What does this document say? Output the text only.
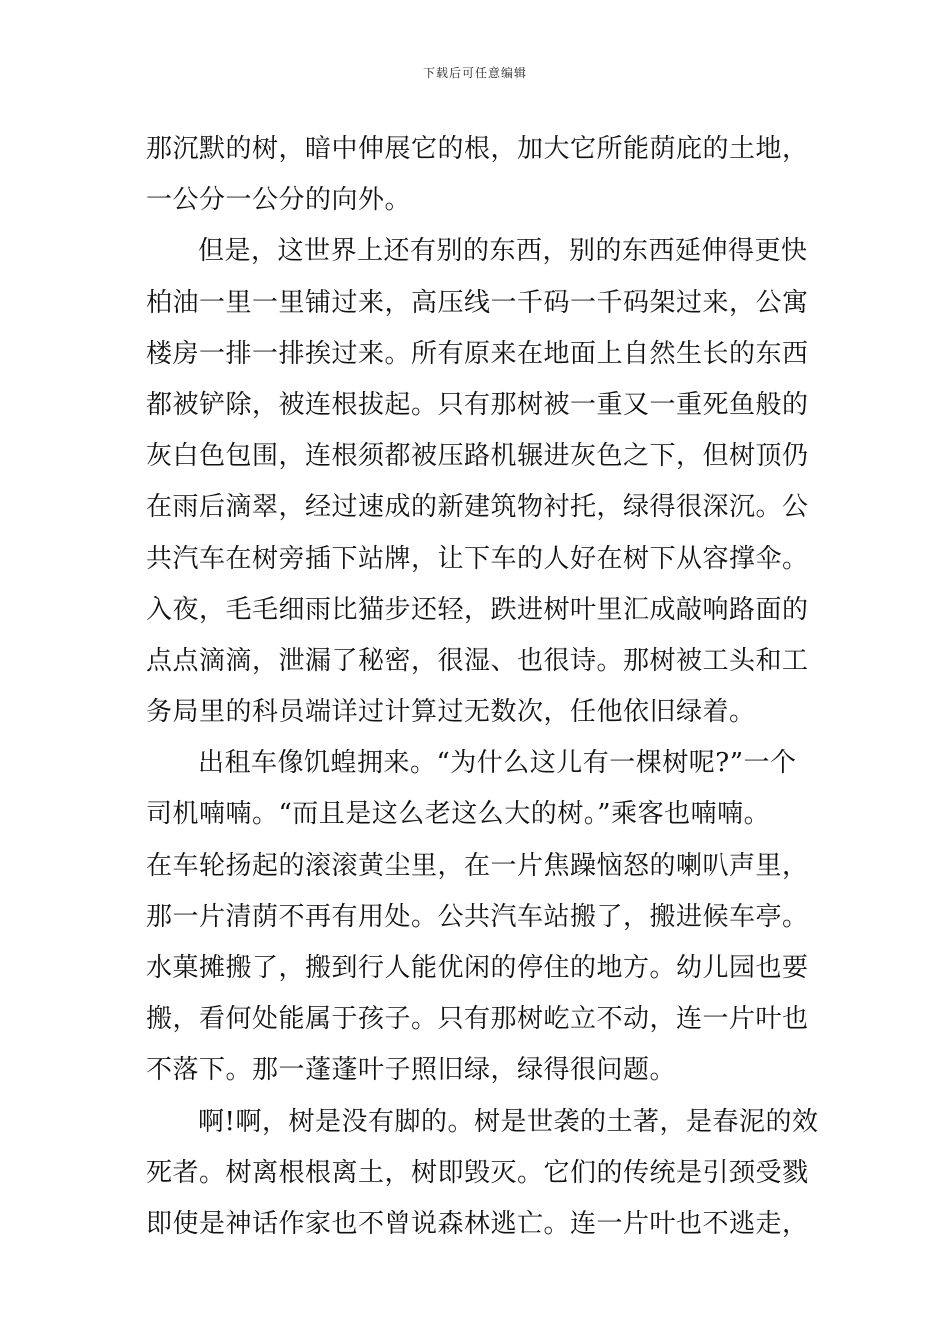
下载后可任意编辑
那沉默的树，暗中伸展它的根，加大它所能荫庇的土地，
一公分一公分的向外。
但是，这世界上还有别的东西，别的东西延伸得更快
柏油一里一里铺过来，高压线一千码一千码架过来，公寓
楼房一排一排挨过来。所有原来在地面上自然生长的东西
都被铲除，被连根拔起。只有那树被一重又一重死鱼般的
灰白色包围，连根须都被压路机辗进灰色之下，但树顶仍
在雨后滴翠，经过速成的新建筑物衬托，绿得很深沉。公
共汽车在树旁插下站牌，让下车的人好在树下从容撑伞。
入夜，毛毛细雨比猫步还轻，跌进树叶里汇成敲响路面的
点点滴滴，泄漏了秘密，很湿、也很诗。那树被工头和工
务局里的科员端详过计算过无数次，任他依旧绿着。
出租车像饥蝗拥来。“为什么这儿有一棵树呢?”一个
司机喃喃。“而且是这么老这么大的树。”乘客也喃喃。
在车轮扬起的滚滚黄尘里，在一片焦躁恼怒的喇叭声里，
那一片清荫不再有用处。公共汽车站搬了，搬进候车亭。
水菓摊搬了，搬到行人能优闲的停住的地方。幼儿园也要
搬，看何处能属于孩子。只有那树屹立不动，连一片叶也
不落下。那一蓬蓬叶子照旧绿，绿得很问题。
啊!啊，树是没有脚的。树是世袭的土著，是春泥的效
死者。树离根根离土，树即毁灭。它们的传统是引颈受戮
即使是神话作家也不曾说森林逃亡。连一片叶也不逃走，
